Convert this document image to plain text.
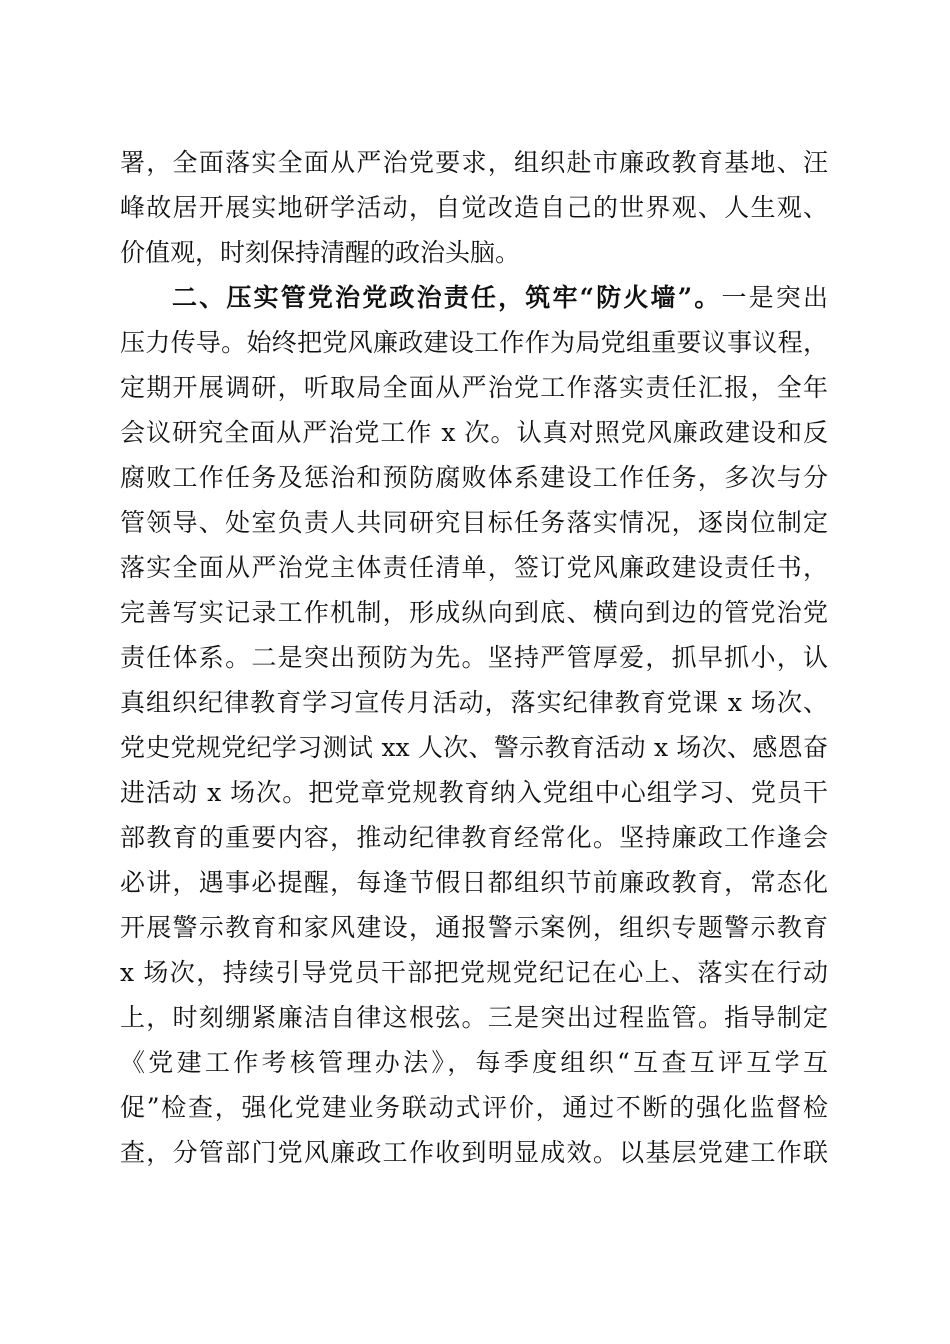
署，全面落实全面从严治党要求，组织赴市廉政教育基地、汪
峰故居开展实地研学活动，自觉改造自己的世界观、人生观、
价值观，时刻保持清醒的政治头脑。
二、压实管党治党政治责任，筑牢“防火墙”。一是突出
压力传导。始终把党风廉政建设工作作为局党组重要议事议程，
定期开展调研，听取局全面从严治党工作落实责任汇报，全年
会议研究全面从严治党工作 x 次。认真对照党风廉政建设和反
腐败工作任务及惩治和预防腐败体系建设工作任务，多次与分
管领导、处室负责人共同研究目标任务落实情况，逐岗位制定
落实全面从严治党主体责任清单，签订党风廉政建设责任书，
完善写实记录工作机制，形成纵向到底、横向到边的管党治党
责任体系。二是突出预防为先。坚持严管厚爱，抓早抓小，认
真组织纪律教育学习宣传月活动，落实纪律教育党课 x 场次、
党史党规党纪学习测试 xx 人次、警示教育活动 x 场次、感恩奋
进活动 x 场次。把党章党规教育纳入党组中心组学习、党员干
部教育的重要内容，推动纪律教育经常化。坚持廉政工作逢会
必讲，遇事必提醒，每逢节假日都组织节前廉政教育，常态化
开展警示教育和家风建设，通报警示案例，组织专题警示教育
x 场次，持续引导党员干部把党规党纪记在心上、落实在行动
上，时刻绷紧廉洁自律这根弦。三是突出过程监管。指导制定
《党建工作考核管理办法》，每季度组织“互查互评互学互
促”检查，强化党建业务联动式评价，通过不断的强化监督检
查，分管部门党风廉政工作收到明显成效。以基层党建工作联
